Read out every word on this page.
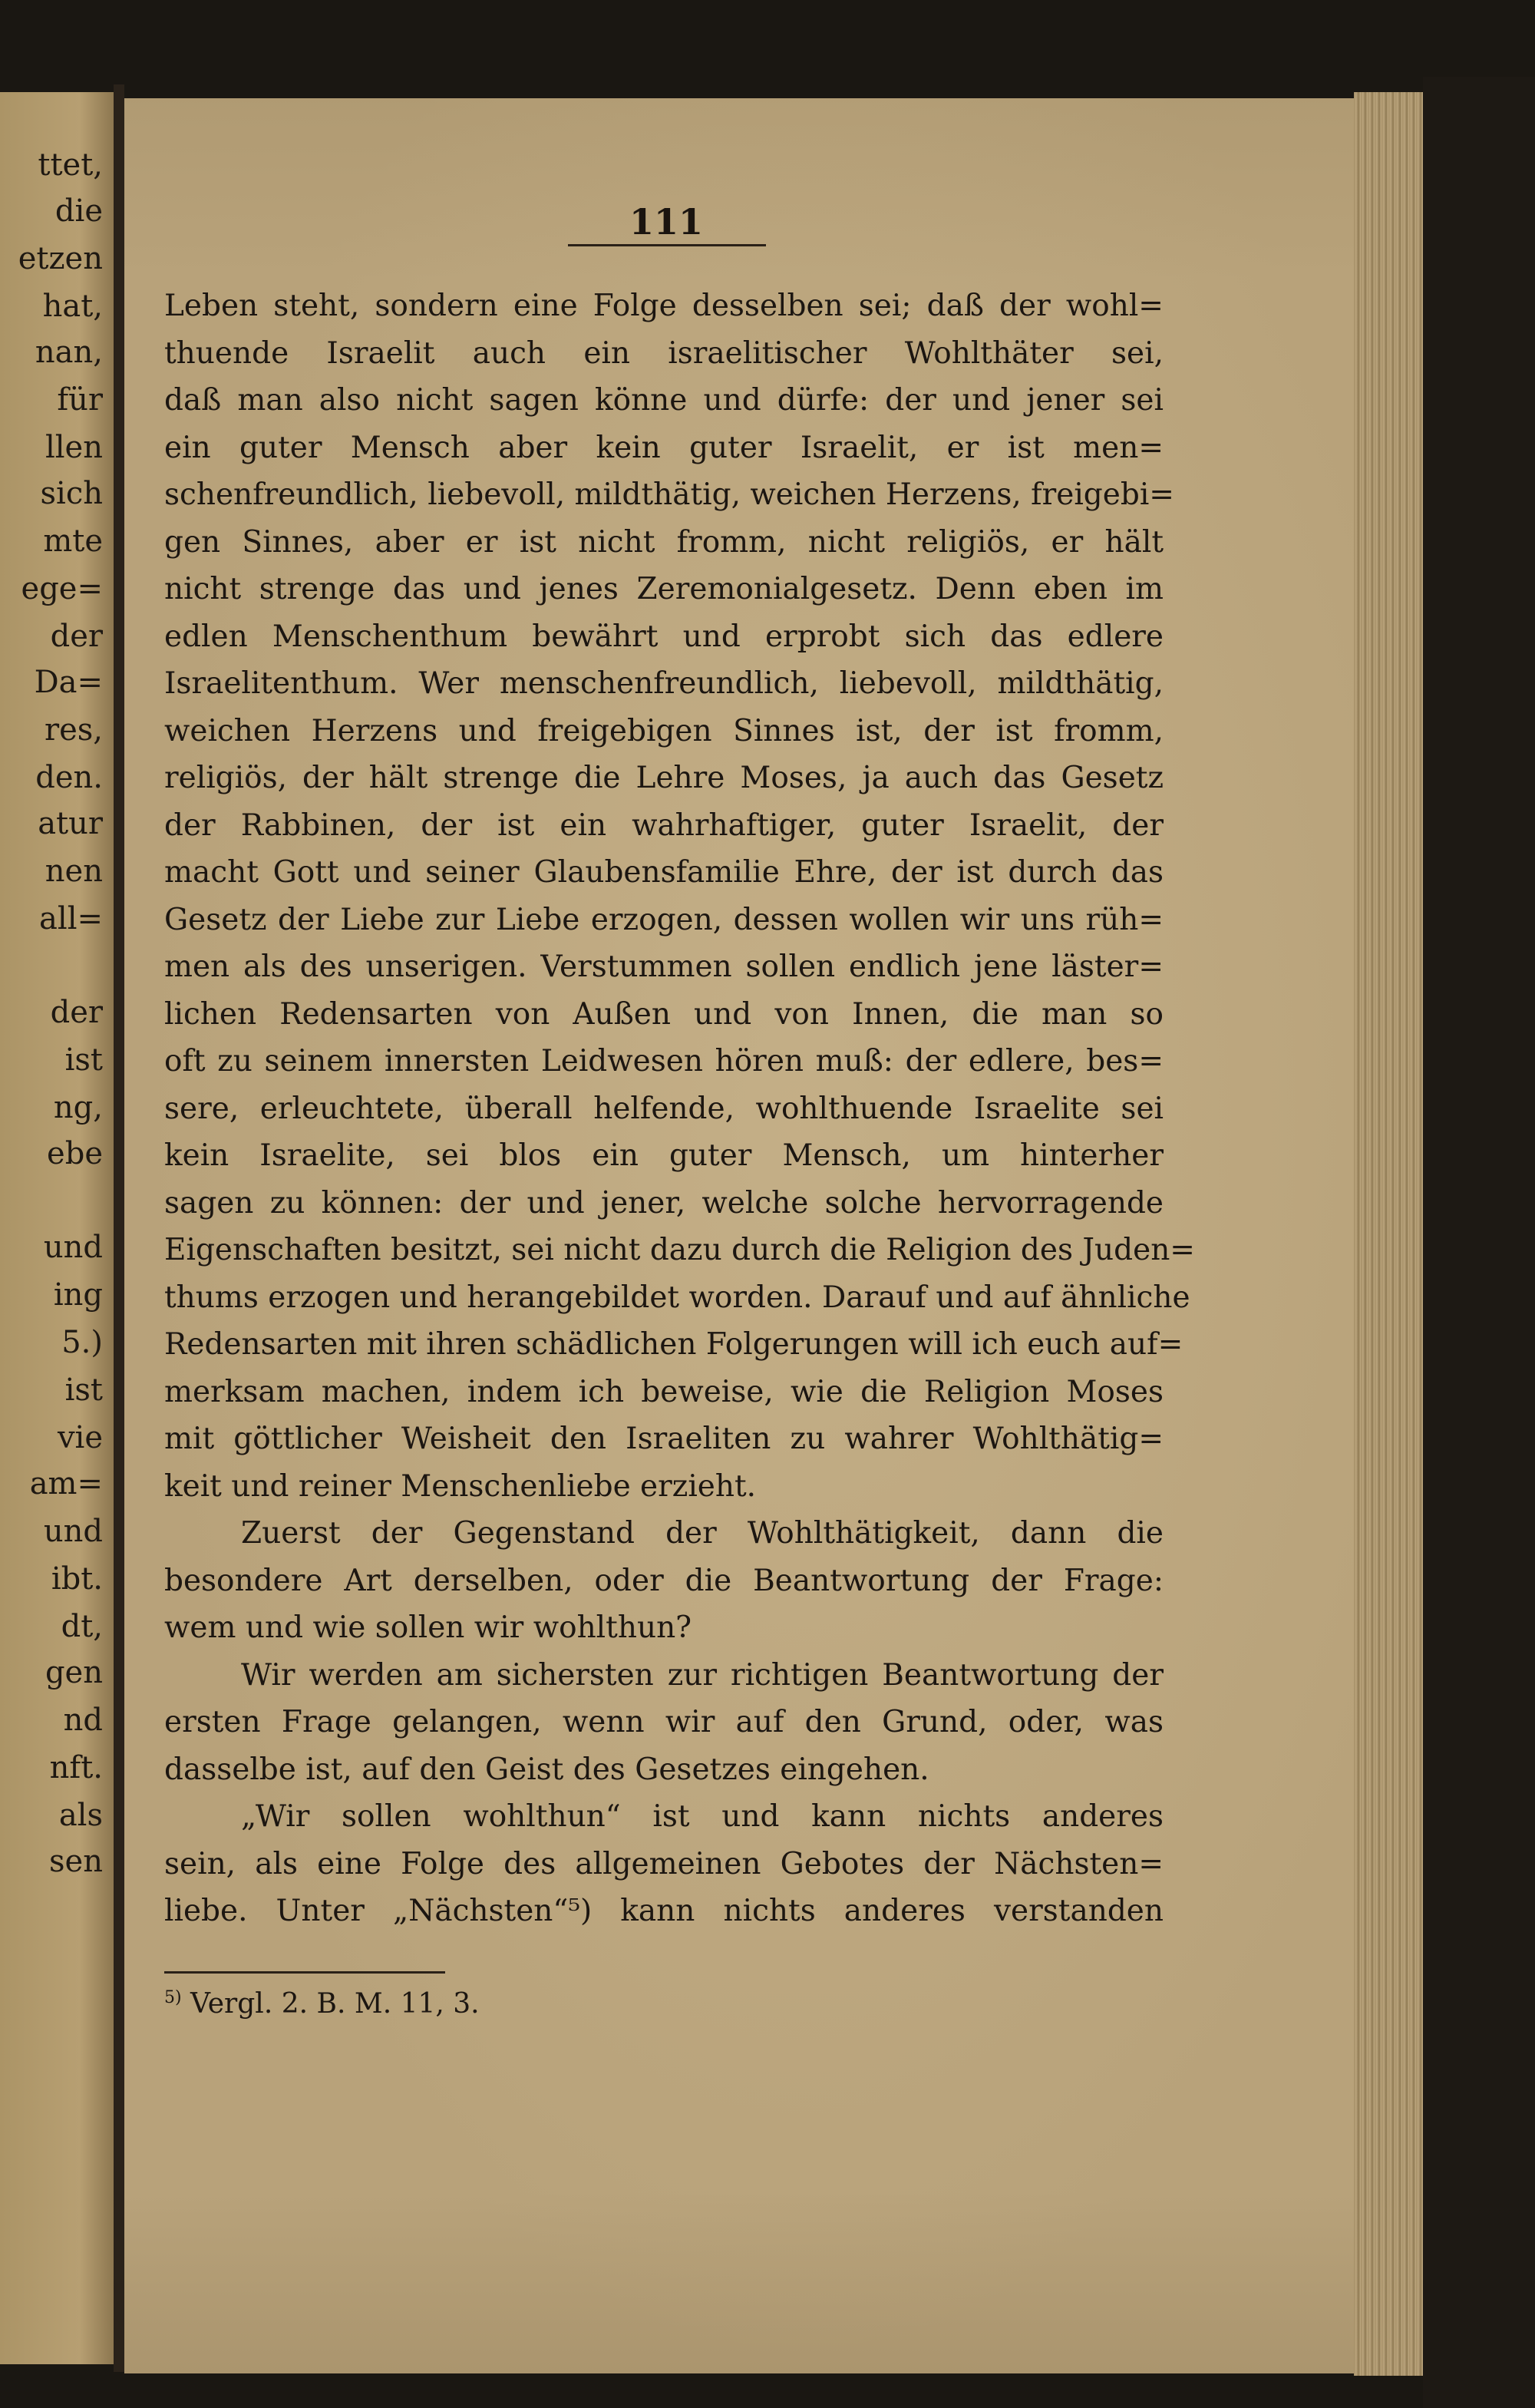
ttet,
die
etzen
hat,
nan,
für
llen
sich
mte
ege=
der
Da=
res,
den.
atur
nen
all=
der
ist
ng,
ebe
und
ing
5.)
ist
vie
am=
und
ibt.
dt,
gen
nd
nft.
als
sen
111
Leben steht, sondern eine Folge desselben sei; daß der wohl=
thuende Israelit auch ein israelitischer Wohlthäter sei,
daß man also nicht sagen könne und dürfe: der und jener sei
ein guter Mensch aber kein guter Israelit, er ist men=
schenfreundlich, liebevoll, mildthätig, weichen Herzens, freigebi=
gen Sinnes, aber er ist nicht fromm, nicht religiös, er hält
nicht strenge das und jenes Zeremonialgesetz. Denn eben im
edlen Menschenthum bewährt und erprobt sich das edlere
Israelitenthum. Wer menschenfreundlich, liebevoll, mildthätig,
weichen Herzens und freigebigen Sinnes ist, der ist fromm,
religiös, der hält strenge die Lehre Moses, ja auch das Gesetz
der Rabbinen, der ist ein wahrhaftiger, guter Israelit, der
macht Gott und seiner Glaubensfamilie Ehre, der ist durch das
Gesetz der Liebe zur Liebe erzogen, dessen wollen wir uns rüh=
men als des unserigen. Verstummen sollen endlich jene läster=
lichen Redensarten von Außen und von Innen, die man so
oft zu seinem innersten Leidwesen hören muß: der edlere, bes=
sere, erleuchtete, überall helfende, wohlthuende Israelite sei
kein Israelite, sei blos ein guter Mensch, um hinterher
sagen zu können: der und jener, welche solche hervorragende
Eigenschaften besitzt, sei nicht dazu durch die Religion des Juden=
thums erzogen und herangebildet worden. Darauf und auf ähnliche
Redensarten mit ihren schädlichen Folgerungen will ich euch auf=
merksam machen, indem ich beweise, wie die Religion Moses
mit göttlicher Weisheit den Israeliten zu wahrer Wohlthätig=
keit und reiner Menschenliebe erzieht.
Zuerst der Gegenstand der Wohlthätigkeit, dann die
besondere Art derselben, oder die Beantwortung der Frage:
wem und wie sollen wir wohlthun?
Wir werden am sichersten zur richtigen Beantwortung der
ersten Frage gelangen, wenn wir auf den Grund, oder, was
dasselbe ist, auf den Geist des Gesetzes eingehen.
„Wir sollen wohlthun“ ist und kann nichts anderes
sein, als eine Folge des allgemeinen Gebotes der Nächsten=
liebe. Unter „Nächsten“⁵) kann nichts anderes verstanden
$^{5)}$ Vergl. 2. B. M. 11, 3.
